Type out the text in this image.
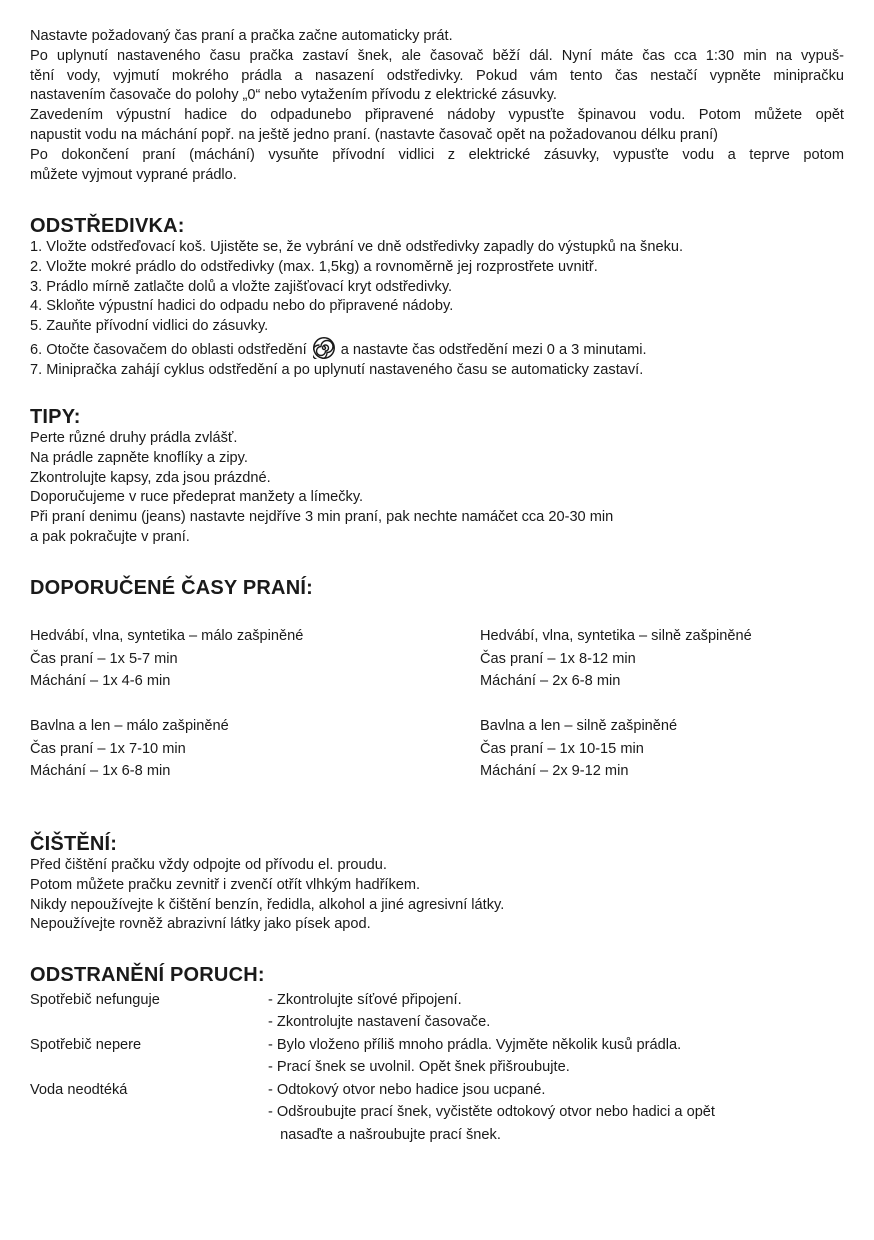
Nastavte požadovaný čas praní a pračka začne automaticky prát.
Po uplynutí nastaveného času pračka zastaví šnek, ale časovač běží dál. Nyní máte čas cca 1:30 min na vypuš-
tění vody, vyjmutí mokrého prádla a nasazení odstředivky. Pokud vám tento čas nestačí vypněte minipračku
nastavením časovače do polohy „0“ nebo vytažením přívodu z elektrické zásuvky.
Zavedením výpustní hadice do odpadunebo připravené nádoby vypusťte špinavou vodu. Potom můžete opět
napustit vodu na máchání popř. na ještě jedno praní. (nastavte časovač opět na požadovanou délku praní)
Po dokončení praní (máchání) vysuňte přívodní vidlici z elektrické zásuvky, vypusťte vodu a teprve potom
můžete vyjmout vyprané prádlo.
ODSTŘEDIVKA:
1. Vložte odstřeďovací koš. Ujistěte se, že vybrání ve dně odstředivky zapadly do výstupků na šneku.
2. Vložte mokré prádlo do odstředivky (max. 1,5kg) a rovnoměrně jej rozprostřete uvnitř.
3. Prádlo mírně zatlačte dolů a vložte zajišťovací kryt odstředivky.
4. Skloňte výpustní hadici do odpadu nebo do připravené nádoby.
5. Zauňte přívodní vidlici do zásuvky.
6. Otočte časovačem do oblasti odstředění a nastavte čas odstředění mezi 0 a 3 minutami.
7. Minipračka zahájí cyklus odstředění a po uplynutí nastaveného času se automaticky zastaví.
TIPY:
Perte různé druhy prádla zvlášť.
Na prádle zapněte knoflíky a zipy.
Zkontrolujte kapsy, zda jsou prázdné.
Doporučujeme v ruce předeprat manžety a límečky.
Při praní denimu (jeans) nastavte nejdříve 3 min praní, pak nechte namáčet cca 20-30 min
a pak pokračujte v praní.
DOPORUČENÉ ČASY PRANÍ:
Hedvábí, vlna, syntetika – málo zašpiněné
Čas praní – 1x 5-7 min
Máchání – 1x 4-6 min
Hedvábí, vlna, syntetika – silně zašpiněné
Čas praní – 1x 8-12 min
Máchání – 2x 6-8 min
Bavlna a len – málo zašpiněné
Čas praní – 1x 7-10 min
Máchání – 1x 6-8 min
Bavlna a len – silně zašpiněné
Čas praní – 1x 10-15 min
Máchání – 2x 9-12 min
ČIŠTĚNÍ:
Před čištění pračku vždy odpojte od přívodu el. proudu.
Potom můžete pračku zevnitř i zvenčí otřít vlhkým hadříkem.
Nikdy nepoužívejte k čištění benzín, ředidla, alkohol a jiné agresivní látky.
Nepoužívejte rovněž abrazivní látky jako písek apod.
ODSTRANĚNÍ PORUCH:
Spotřebič nefunguje
Spotřebič nepere
Voda neodtéká
- Zkontrolujte síťové připojení.
- Zkontrolujte nastavení časovače.
- Bylo vloženo příliš mnoho prádla. Vyjměte několik kusů prádla.
- Prací šnek se uvolnil. Opět šnek přišroubujte.
- Odtokový otvor nebo hadice jsou ucpané.
- Odšroubujte prací šnek, vyčistěte odtokový otvor nebo hadici a opět
nasaďte a našroubujte prací šnek.
